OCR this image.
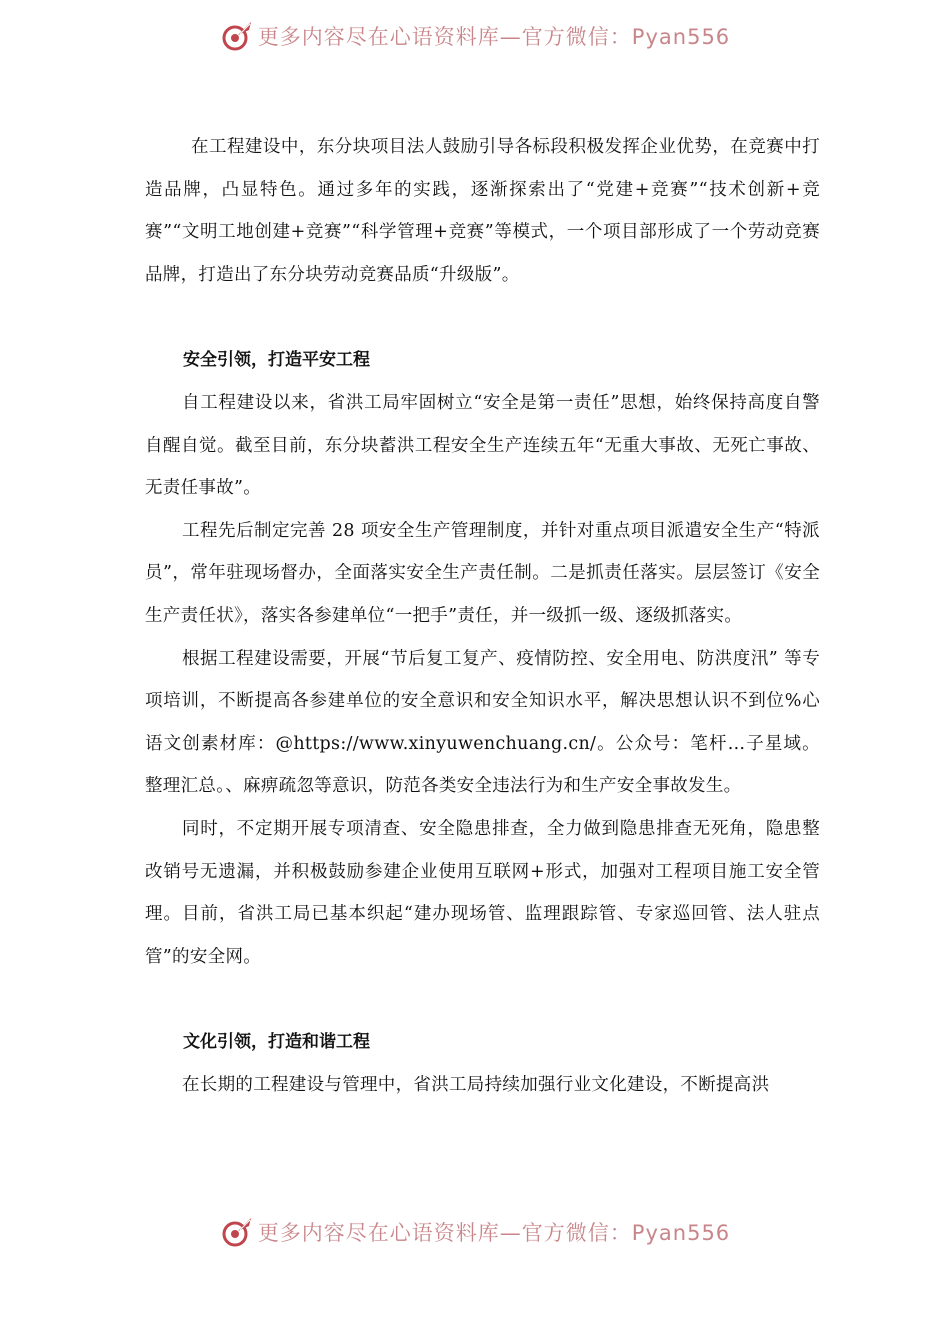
更多内容尽在心语资料库—官方微信：Pyan556

在工程建设中，东分块项目法人鼓励引导各标段积极发挥企业优势，在竞赛中打造品牌，凸显特色。通过多年的实践，逐渐探索出了“党建+竞赛”“技术创新+竞赛”“文明工地创建+竞赛”“科学管理+竞赛”等模式，一个项目部形成了一个劳动竞赛品牌，打造出了东分块劳动竞赛品质“升级版”。

安全引领，打造平安工程

自工程建设以来，省洪工局牢固树立“安全是第一责任”思想，始终保持高度自警自醒自觉。截至目前，东分块蓄洪工程安全生产连续五年“无重大事故、无死亡事故、无责任事故”。

工程先后制定完善 28 项安全生产管理制度，并针对重点项目派遣安全生产“特派员”，常年驻现场督办，全面落实安全生产责任制。二是抓责任落实。层层签订《安全生产责任状》，落实各参建单位“一把手”责任，并一级抓一级、逐级抓落实。

根据工程建设需要，开展“节后复工复产、疫情防控、安全用电、防洪度汛” 等专项培训，不断提高各参建单位的安全意识和安全知识水平，解决思想认识不到位%心语文创素材库：@https://www.xinyuwenchuang.cn/。公众号：笔杆…子星域。整理汇总。、麻痹疏忽等意识，防范各类安全违法行为和生产安全事故发生。

同时，不定期开展专项清查、安全隐患排查，全力做到隐患排查无死角，隐患整改销号无遗漏，并积极鼓励参建企业使用互联网+形式，加强对工程项目施工安全管理。目前，省洪工局已基本织起“建办现场管、监理跟踪管、专家巡回管、法人驻点管”的安全网。

文化引领，打造和谐工程

在长期的工程建设与管理中，省洪工局持续加强行业文化建设，不断提高洪

更多内容尽在心语资料库—官方微信：Pyan556
